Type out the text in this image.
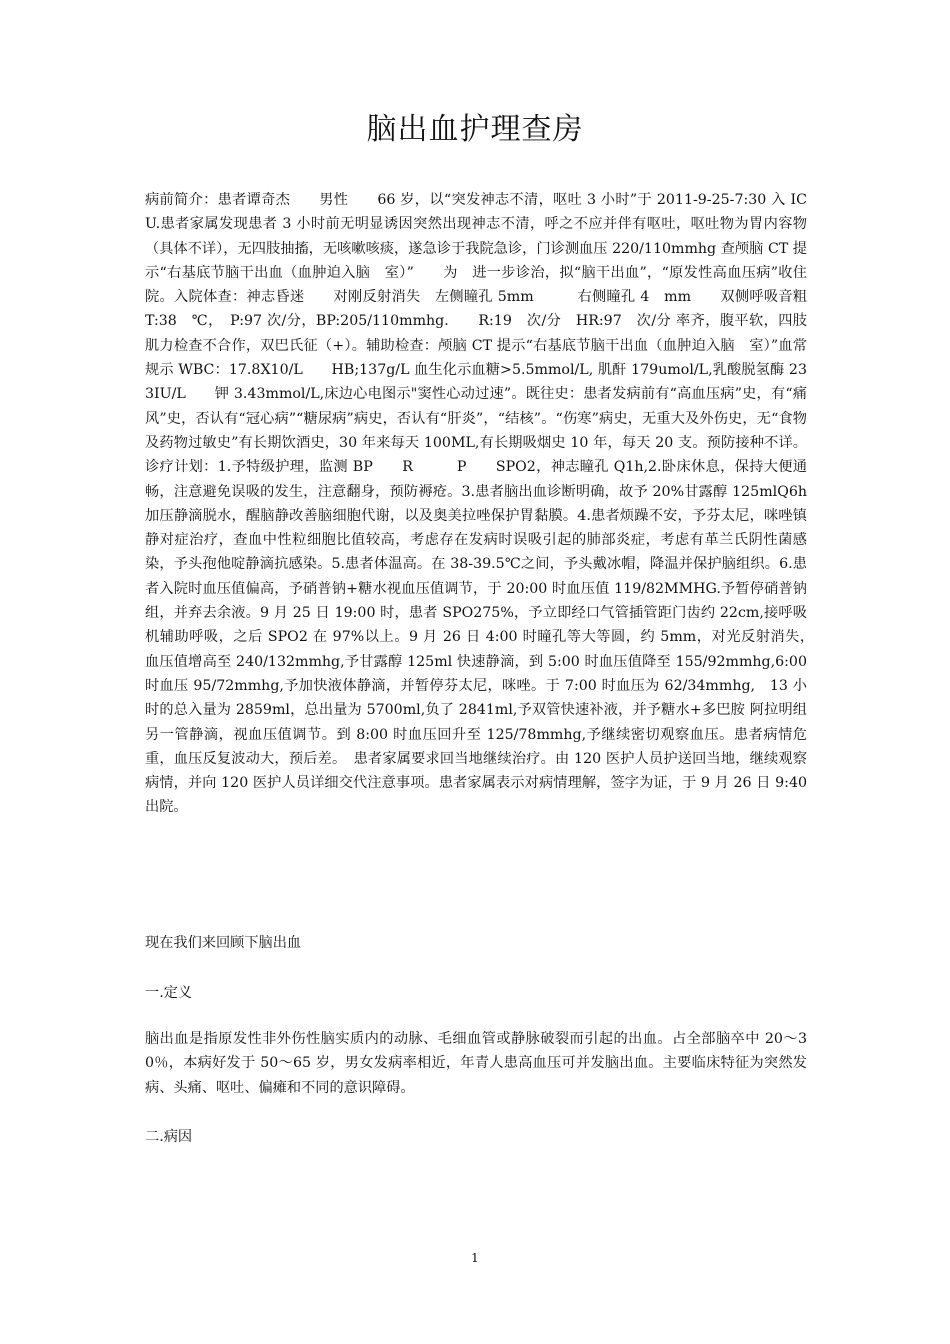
脑出血护理查房

病前简介：患者谭奇杰　　男性　　66 岁，以“突发神志不清，呕吐 3 小时”于 2011-9-25-7:30 入 ICU.患者家属发现患者 3 小时前无明显诱因突然出现神志不清，呼之不应并伴有呕吐，呕吐物为胃内容物（具体不详），无四肢抽搐，无咳嗽咳痰，遂急诊于我院急诊，门诊测血压 220/110mmhg 查颅脑 CT 提示“右基底节脑干出血（血肿迫入脑　室）”　　为　进一步诊治，拟“脑干出血”，“原发性高血压病”收住院。入院体查：神志昏迷　　对刚反射消失　左侧瞳孔 5mm　　　右侧瞳孔 4　mm　　双侧呼吸音粗 T:38　℃，　P:97 次/分，BP:205/110mmhg.　　R:19　次/分　HR:97　次/分 率齐，腹平软，四肢肌力检查不合作，双巴氏征（+）。辅助检查：颅脑 CT 提示“右基底节脑干出血（血肿迫入脑　室）”血常规示 WBC：17.8X10/L　　HB;137g/L 血生化示血糖>5.5mmol/L, 肌酐 179umol/L,乳酸脱氢酶 233IU/L　　钾 3.43mmol/L,床边心电图示"窦性心动过速”。既往史：患者发病前有“高血压病”史，有“痛风”史，否认有“冠心病”“糖尿病”病史，否认有“肝炎”，“结核”。“伤寒”病史，无重大及外伤史，无“食物及药物过敏史”有长期饮酒史，30 年来每天 100ML,有长期吸烟史 10 年，每天 20 支。预防接种不详。诊疗计划：1.予特级护理，监测 BP　　R　　　P　　SPO2，神志瞳孔 Q1h,2.卧床休息，保持大便通畅，注意避免误吸的发生，注意翻身，预防褥疮。3.患者脑出血诊断明确，故予 20%甘露醇 125mlQ6h 加压静滴脱水，醒脑静改善脑细胞代谢，以及奥美拉唑保护胃黏膜。4.患者烦躁不安，予芬太尼，咪唑镇静对症治疗，查血中性粒细胞比值较高，考虑存在发病时误吸引起的肺部炎症，考虑有革兰氏阴性菌感染，予头孢他啶静滴抗感染。5.患者体温高。在 38-39.5℃之间，予头戴冰帽，降温并保护脑组织。6.患者入院时血压值偏高，予硝普钠+糖水视血压值调节，于 20:00 时血压值 119/82MMHG.予暂停硝普钠组，并弃去余液。9 月 25 日 19:00 时，患者 SPO275%，予立即经口气管插管距门齿约 22cm,接呼吸机辅助呼吸，之后 SPO2 在 97%以上。9 月 26 日 4:00 时瞳孔等大等圆，约 5mm，对光反射消失，　血压值增高至 240/132mmhg,予甘露醇 125ml 快速静滴，到 5:00 时血压值降至 155/92mmhg,6:00 时血压 95/72mmhg,予加快液体静滴，并暂停芬太尼，咪唑。于 7:00 时血压为 62/34mmhg,　13 小时的总入量为 2859ml，总出量为 5700ml,负了 2841ml,予双管快速补液，并予糖水+多巴胺 阿拉明组另一管静滴，视血压值调节。到 8:00 时血压回升至 125/78mmhg,予继续密切观察血压。患者病情危重，血压反复波动大，预后差。　患者家属要求回当地继续治疗。由 120 医护人员护送回当地，继续观察病情，并向 120 医护人员详细交代注意事项。患者家属表示对病情理解，签字为证，于 9 月 26 日 9:40 出院。

现在我们来回顾下脑出血

一.定义

脑出血是指原发性非外伤性脑实质内的动脉、毛细血管或静脉破裂而引起的出血。占全部脑卒中 20～30％，本病好发于 50～65 岁，男女发病率相近，年青人患高血压可并发脑出血。主要临床特征为突然发病、头痛、呕吐、偏瘫和不同的意识障碍。

二.病因

1
